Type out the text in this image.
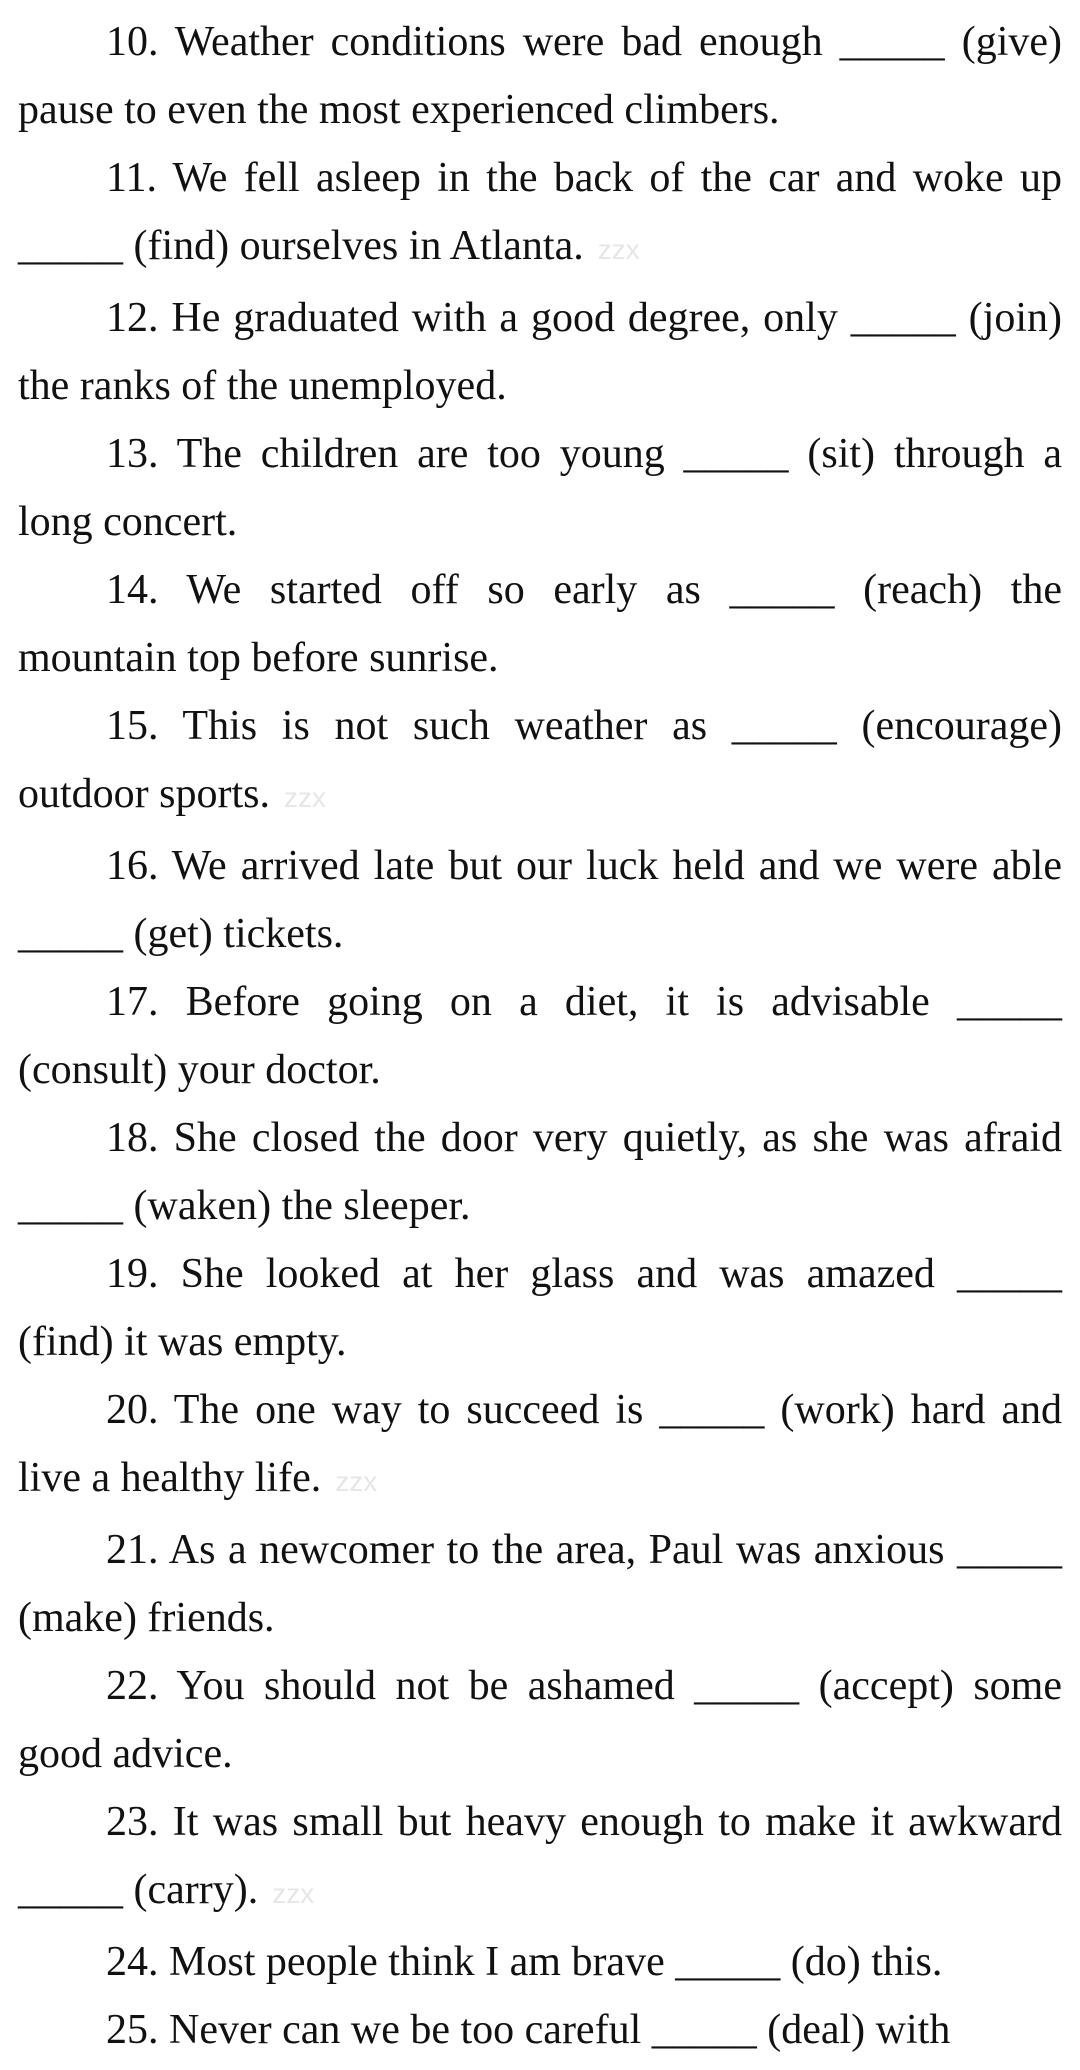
10. Weather conditions were bad enough _____ (give) pause to even the most experienced climbers.

11. We fell asleep in the back of the car and woke up _____ (find) ourselves in Atlanta. zzx

12. He graduated with a good degree, only _____ (join) the ranks of the unemployed.

13. The children are too young _____ (sit) through a long concert.

14. We started off so early as _____ (reach) the mountain top before sunrise.

15. This is not such weather as _____ (encourage) outdoor sports. zzx

16. We arrived late but our luck held and we were able _____ (get) tickets.

17. Before going on a diet, it is advisable _____ (consult) your doctor.

18. She closed the door very quietly, as she was afraid _____ (waken) the sleeper.

19. She looked at her glass and was amazed _____ (find) it was empty.

20. The one way to succeed is _____ (work) hard and live a healthy life. zzx

21. As a newcomer to the area, Paul was anxious _____ (make) friends.

22. You should not be ashamed _____ (accept) some good advice.

23. It was small but heavy enough to make it awkward _____ (carry). zzx

24. Most people think I am brave _____ (do) this.

25. Never can we be too careful _____ (deal) with
